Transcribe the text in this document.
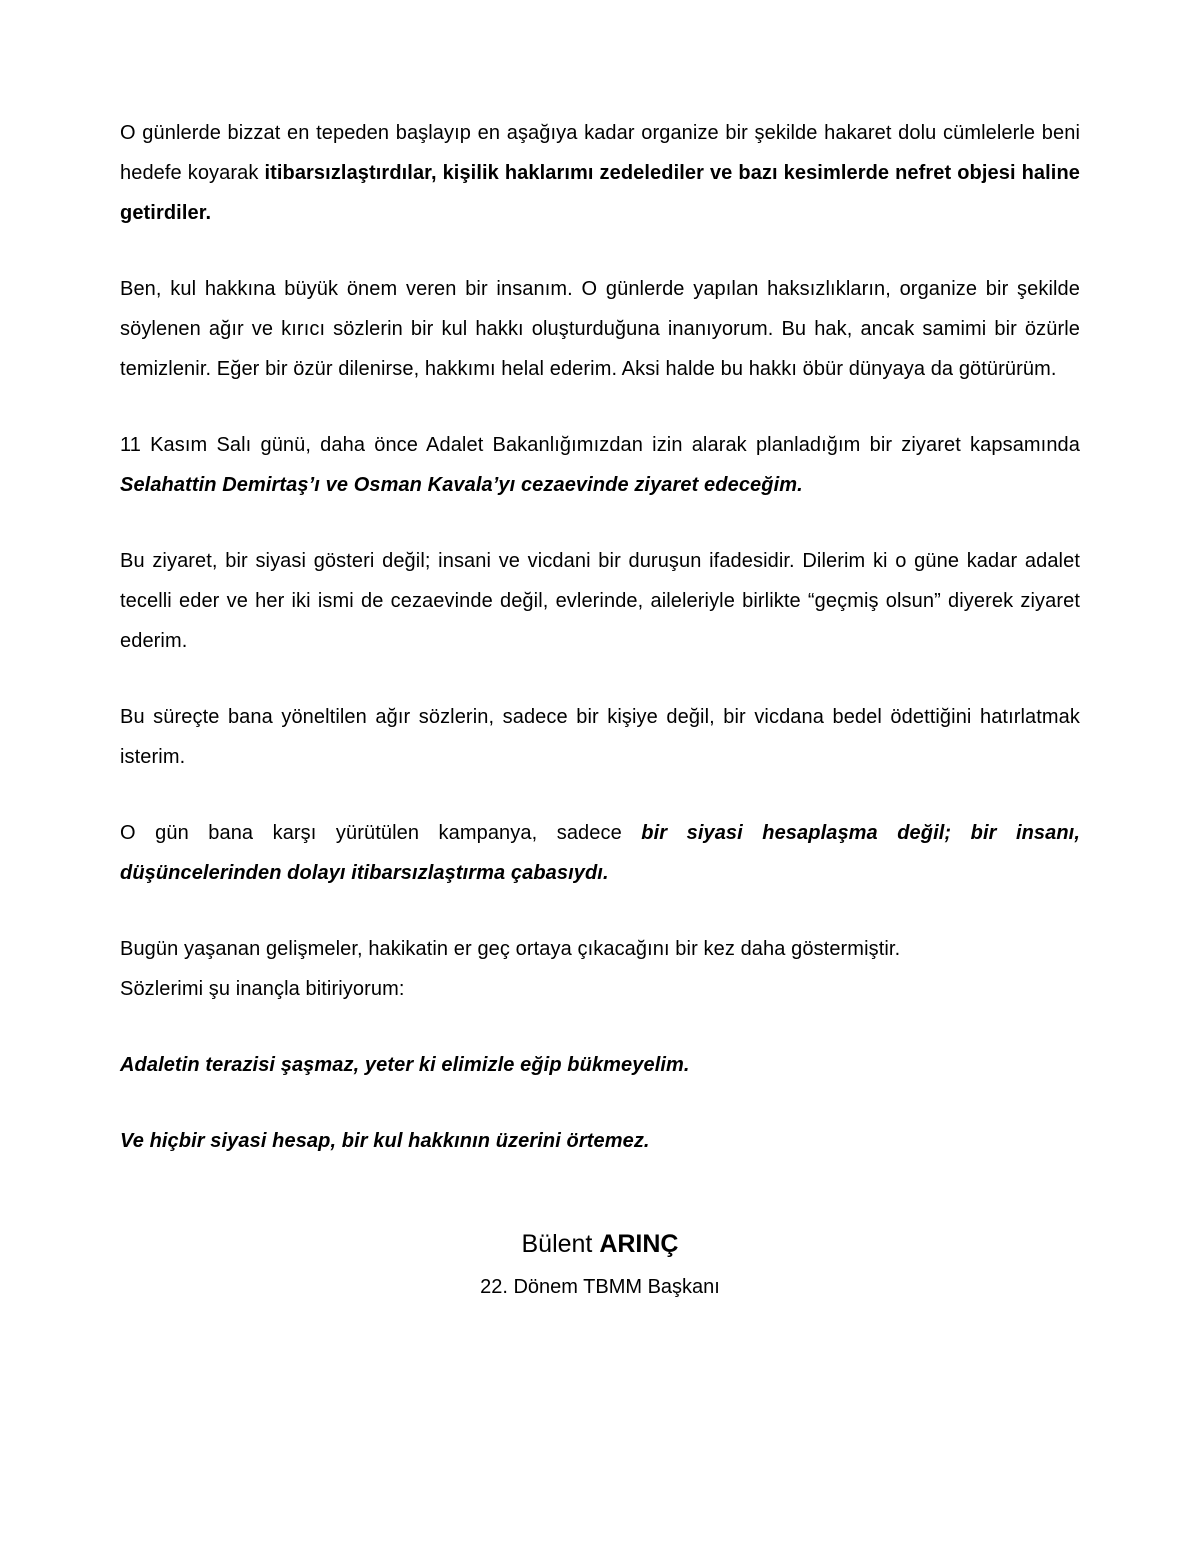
O günlerde bizzat en tepeden başlayıp en aşağıya kadar organize bir şekilde hakaret dolu cümlelerle beni hedefe koyarak itibarsızlaştırdılar, kişilik haklarımı zedelediler ve bazı kesimlerde nefret objesi haline getirdiler.

Ben, kul hakkına büyük önem veren bir insanım. O günlerde yapılan haksızlıkların, organize bir şekilde söylenen ağır ve kırıcı sözlerin bir kul hakkı oluşturduğuna inanıyorum. Bu hak, ancak samimi bir özürle temizlenir. Eğer bir özür dilenirse, hakkımı helal ederim. Aksi halde bu hakkı öbür dünyaya da götürürüm.

11 Kasım Salı günü, daha önce Adalet Bakanlığımızdan izin alarak planladığım bir ziyaret kapsamında Selahattin Demirtaş’ı ve Osman Kavala’yı cezaevinde ziyaret edeceğim.

Bu ziyaret, bir siyasi gösteri değil; insani ve vicdani bir duruşun ifadesidir. Dilerim ki o güne kadar adalet tecelli eder ve her iki ismi de cezaevinde değil, evlerinde, aileleriyle birlikte “geçmiş olsun” diyerek ziyaret ederim.

Bu süreçte bana yöneltilen ağır sözlerin, sadece bir kişiye değil, bir vicdana bedel ödettiğini hatırlatmak isterim.

O gün bana karşı yürütülen kampanya, sadece bir siyasi hesaplaşma değil; bir insanı, düşüncelerinden dolayı itibarsızlaştırma çabasıydı.

Bugün yaşanan gelişmeler, hakikatin er geç ortaya çıkacağını bir kez daha göstermiştir.
Sözlerimi şu inançla bitiriyorum:

Adaletin terazisi şaşmaz, yeter ki elimizle eğip bükmeyelim.

Ve hiçbir siyasi hesap, bir kul hakkının üzerini örtemez.

Bülent ARINÇ
22. Dönem TBMM Başkanı
